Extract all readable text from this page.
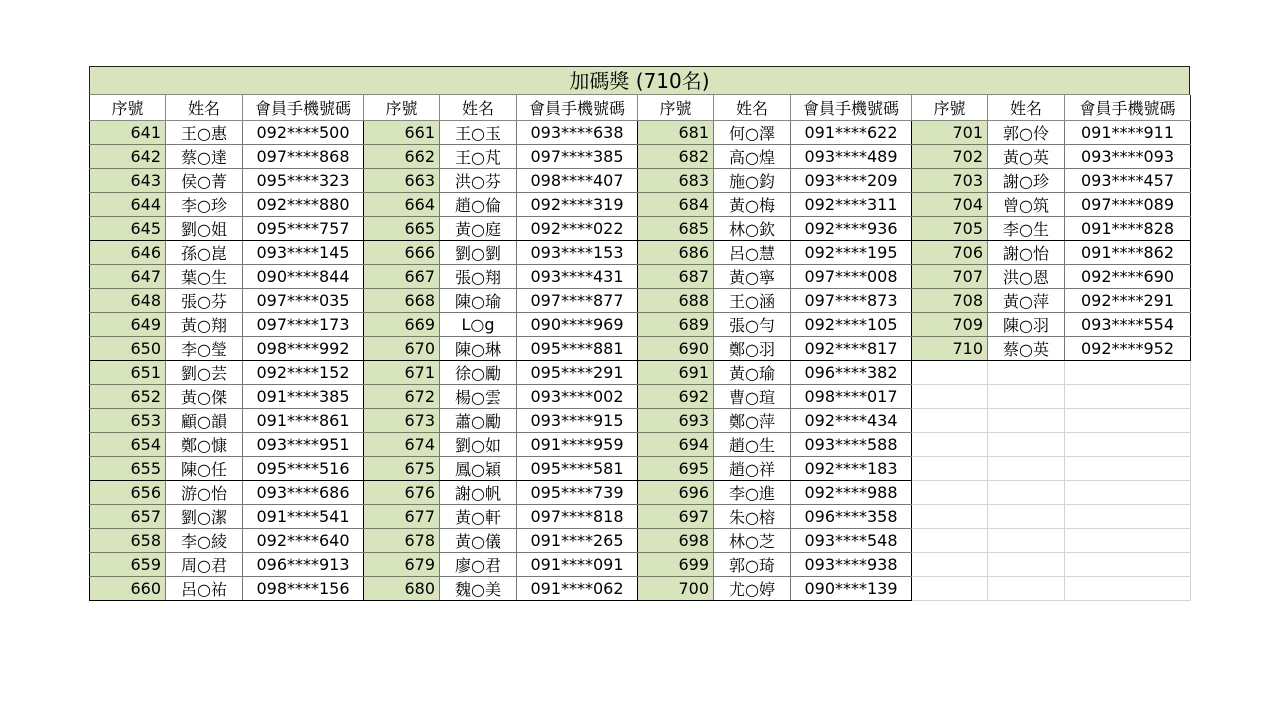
加碼獎 (710名)
序號	姓名	會員手機號碼	序號	姓名	會員手機號碼	序號	姓名	會員手機號碼	序號	姓名	會員手機號碼
641	王○惠	092****500	661	王○玉	093****638	681	何○澤	091****622	701	郭○伶	091****911
642	蔡○達	097****868	662	王○芃	097****385	682	高○煌	093****489	702	黃○英	093****093
643	侯○菁	095****323	663	洪○芬	098****407	683	施○鈞	093****209	703	謝○珍	093****457
644	李○珍	092****880	664	趙○倫	092****319	684	黃○梅	092****311	704	曾○筑	097****089
645	劉○姐	095****757	665	黃○庭	092****022	685	林○欽	092****936	705	李○生	091****828
646	孫○崑	093****145	666	劉○劉	093****153	686	呂○慧	092****195	706	謝○怡	091****862
647	葉○生	090****844	667	張○翔	093****431	687	黃○寧	097****008	707	洪○恩	092****690
648	張○芬	097****035	668	陳○瑜	097****877	688	王○涵	097****873	708	黃○萍	092****291
649	黃○翔	097****173	669	L○g	090****969	689	張○勻	092****105	709	陳○羽	093****554
650	李○瑩	098****992	670	陳○琳	095****881	690	鄭○羽	092****817	710	蔡○英	092****952
651	劉○芸	092****152	671	徐○勵	095****291	691	黃○瑜	096****382			
652	黃○傑	091****385	672	楊○雲	093****002	692	曹○瑄	098****017			
653	顧○韻	091****861	673	蕭○勵	093****915	693	鄭○萍	092****434			
654	鄭○慷	093****951	674	劉○如	091****959	694	趙○生	093****588			
655	陳○任	095****516	675	鳳○穎	095****581	695	趙○祥	092****183			
656	游○怡	093****686	676	謝○帆	095****739	696	李○進	092****988			
657	劉○潔	091****541	677	黃○軒	097****818	697	朱○榕	096****358			
658	李○綾	092****640	678	黃○儀	091****265	698	林○芝	093****548			
659	周○君	096****913	679	廖○君	091****091	699	郭○琦	093****938			
660	呂○祐	098****156	680	魏○美	091****062	700	尤○婷	090****139			
